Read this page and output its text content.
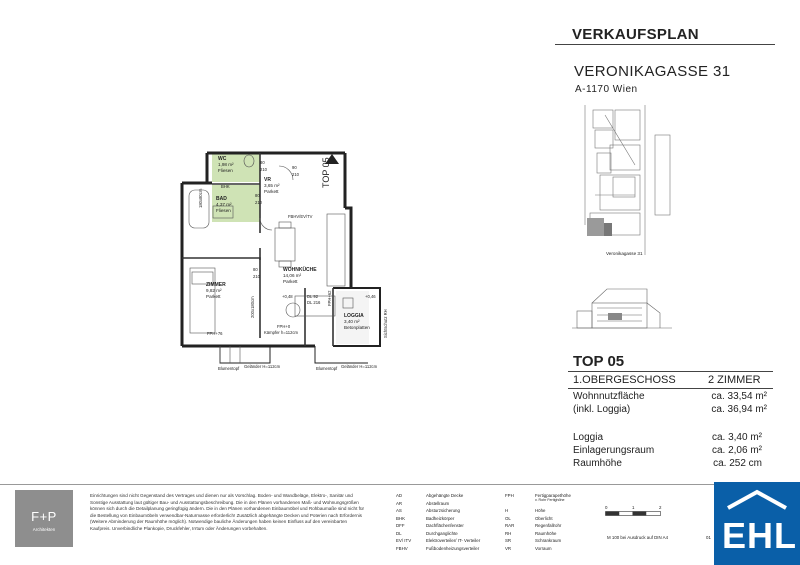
VERKAUFSPLAN
VERONIKAGASSE 31
A-1170 Wien
Veronikagasse 31
TOP 05
1.OBERGESCHOSS	2 ZIMMER
Wohnnutzfläche	ca. 33,54 m²
(inkl. Loggia)	ca. 36,94 m²
Loggia	ca. 3,40 m²
Einlagerungsraum	ca. 2,06 m²
Raumhöhe	ca. 252 cm
TOP 05
WC
1,98 m²
Fliesen
VR
3,65 m²
Parkett
BAD
4,37 m²
Fliesen
WOHNKÜCHE
14,06 m²
Parkett
ZIMMER
9,82 m²
Parkett
LOGGIA
3,40 m²
Betonplatten
80
210	90
210
80
210
80
210
BHK
FBHV/EV/TV
DL 92
DL 216
+0,48	+0,46
FPH+76
FPH+0
Kämpfer h=112cm
Blumentopf Geländer H=112cm	Blumentopf Geländer H=112cm
200x180cm
180x80cm
Sichtschutz RH
FPH+62
F+P
Architekten
Einrichtungen sind nicht Gegenstand des Vertrages und dienen nur als Vorschlag. Boden- und Wandbeläge, Elektro-, Sanitär und Sonstige Ausstattung laut gültiger Bau- und Ausstattungsbeschreibung. Die in den Plänen vorhandenen Maß- und Wohnungsgrößen können sich durch die Detailplanung geringfügig ändern. Die in den Plänen vorhandenen Einbaumöbel und Rohbaumaße sind nicht für die Bestellung von Einbaumöbeln verwendbar-Naturmasse erforderlich! Zusätzlich abgehängte Decken und Poterien nach Erfordernis (Weitere Abminderung der Raumhöhe möglich). Notwendige bauliche Änderungen haben keinen Einfluss auf den vereinbarten Kaufpreis. Unverbindliche Plankopie, Druckfehler, Irrtum oder Änderungen vorbehalten.
AD	Abgehängte Decke
AR	Abstellraum
AS	Absturzsicherung
BHK	Badheizkörper
DFF	Dachflächenfenster
DL	Durchganglichte
EV/ ITV	Elektroverteiler/ IT- Verteiler
FBHV	Fußbodenheizungsverteiler
FPH	Fertigparapethöhe
v. Rohr Fertighöhe
H	Höhe
OL	Oberlicht
RAR	Regenfallrohr
RH	Raumhöhe
SR	Schrankraum
VR	Vorraum
0	1	2
M 100 bei Ausdruck auf DIN A4	01 EHL
